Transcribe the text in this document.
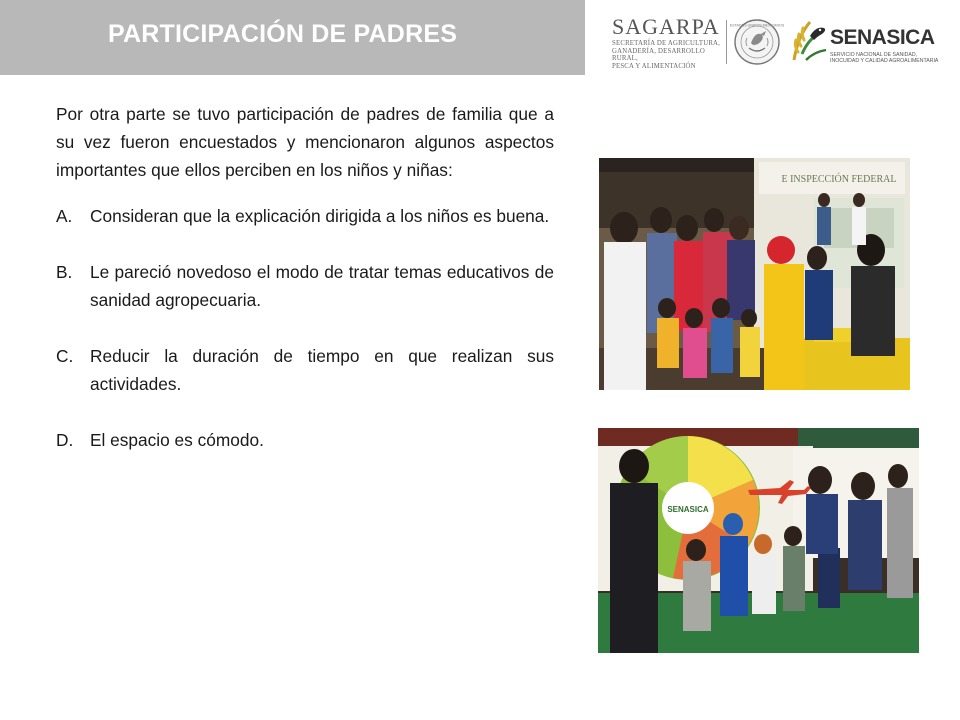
PARTICIPACIÓN DE PADRES	SAGARPA
SECRETARÍA DE AGRICULTURA,
GANADERÍA, DESARROLLO RURAL,
PESCA Y ALIMENTACIÓN
ESTADOS UNIDOS MEXICANOS
SENASICA
SERVICIO NACIONAL DE SANIDAD,
INOCUIDAD Y CALIDAD AGROALIMENTARIA

Por otra parte se tuvo participación de padres de familia que a su vez fueron encuestados y mencionaron algunos aspectos importantes que ellos perciben en los niños y niñas:

A. Consideran que la explicación dirigida a los niños es buena.
B. Le pareció novedoso el modo de tratar temas educativos de sanidad agropecuaria.
C. Reducir la duración de tiempo en que realizan sus actividades.
D. El espacio es cómodo.
E INSPECCIÓN FEDERAL
SENASICA
